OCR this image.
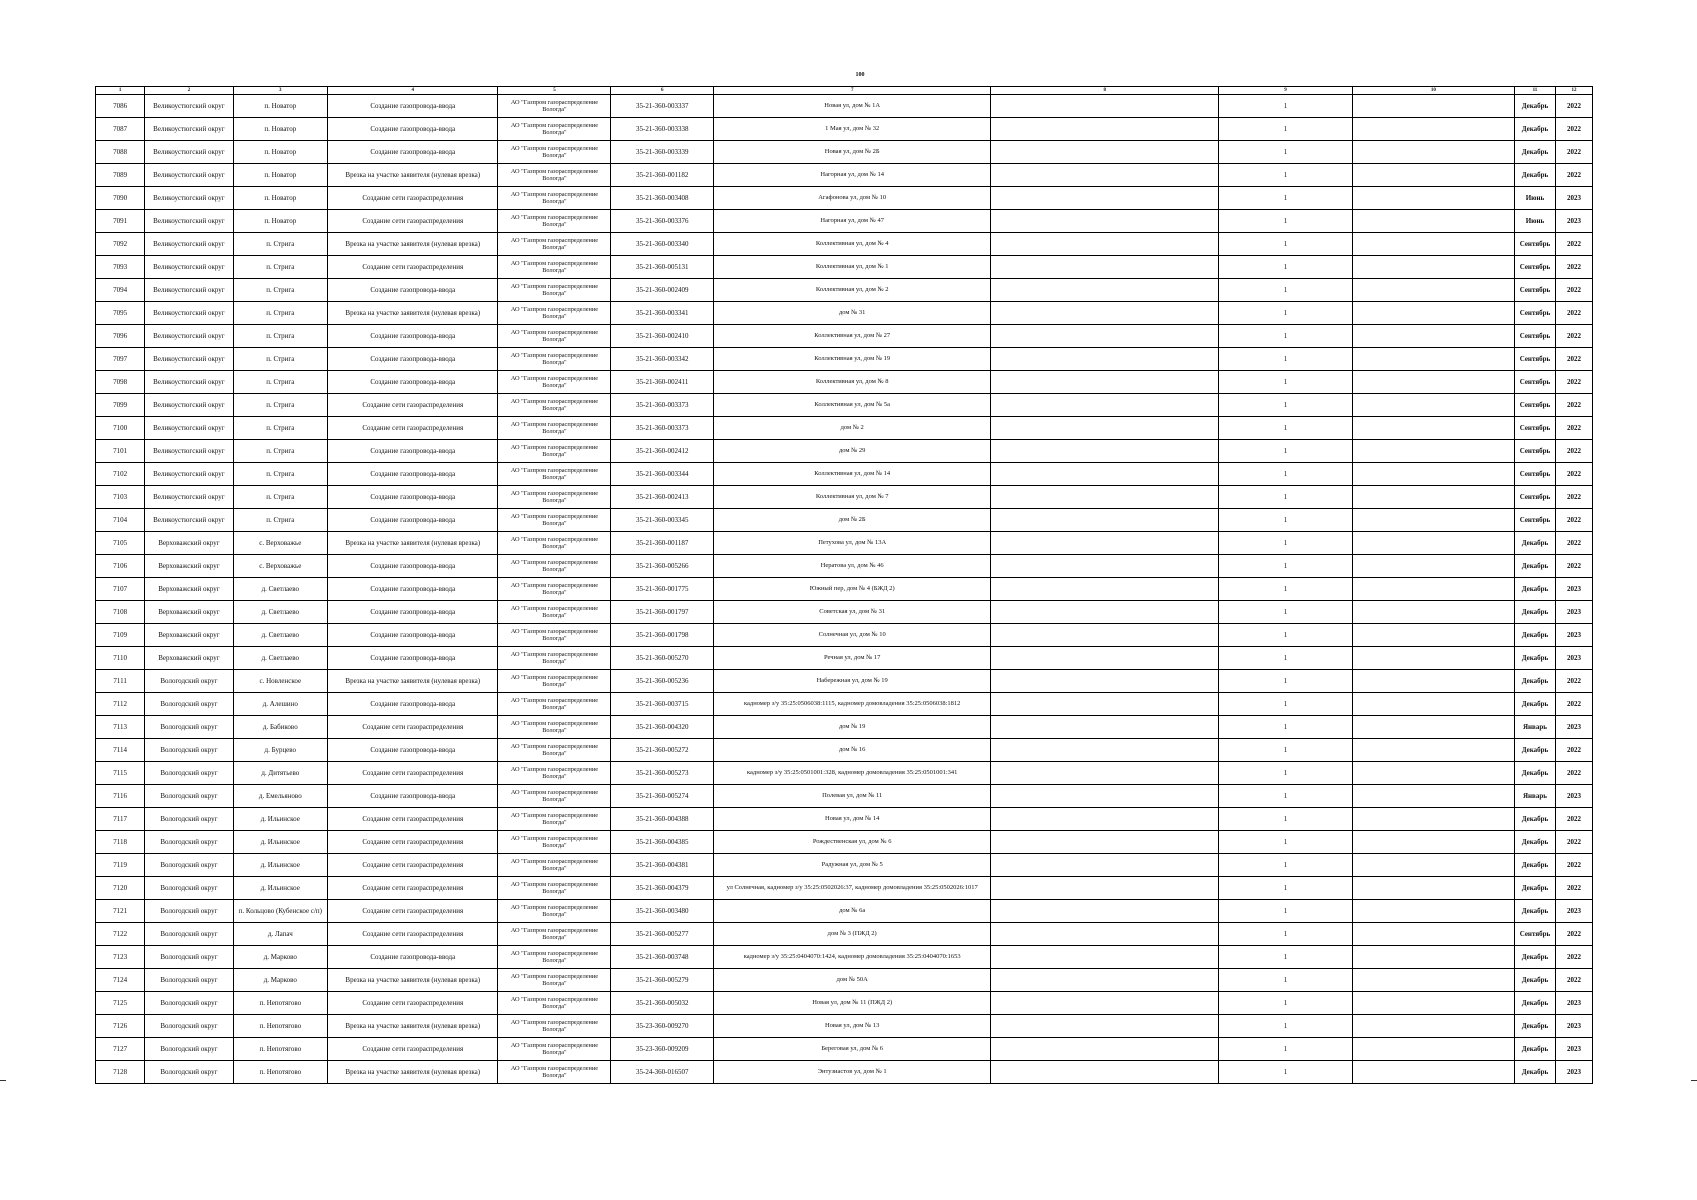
100
1	2	3	4	5	6	7	8	9	10	11	12
7086	Великоустюгский округ	п. Новатор	Создание газопровода-ввода	АО "Газпром газораспределение Вологда"	35-21-360-003337	Новая ул, дом № 1А		1		Декабрь	2022
7087	Великоустюгский округ	п. Новатор	Создание газопровода-ввода	АО "Газпром газораспределение Вологда"	35-21-360-003338	1 Мая ул, дом № 32		1		Декабрь	2022
7088	Великоустюгский округ	п. Новатор	Создание газопровода-ввода	АО "Газпром газораспределение Вологда"	35-21-360-003339	Новая ул, дом № 2Б		1		Декабрь	2022
7089	Великоустюгский округ	п. Новатор	Врезка на участке заявителя (нулевая врезка)	АО "Газпром газораспределение Вологда"	35-21-360-001182	Нагорная ул, дом № 14		1		Декабрь	2022
7090	Великоустюгский округ	п. Новатор	Создание сети газораспределения	АО "Газпром газораспределение Вологда"	35-21-360-003408	Агафонова ул, дом № 10		1		Июнь	2023
7091	Великоустюгский округ	п. Новатор	Создание сети газораспределения	АО "Газпром газораспределение Вологда"	35-21-360-003376	Нагорная ул, дом № 47		1		Июнь	2023
7092	Великоустюгский округ	п. Стрига	Врезка на участке заявителя (нулевая врезка)	АО "Газпром газораспределение Вологда"	35-21-360-003340	Коллективная ул, дом № 4		1		Сентябрь	2022
7093	Великоустюгский округ	п. Стрига	Создание сети газораспределения	АО "Газпром газораспределение Вологда"	35-21-360-005131	Коллективная ул, дом № 1		1		Сентябрь	2022
7094	Великоустюгский округ	п. Стрига	Создание газопровода-ввода	АО "Газпром газораспределение Вологда"	35-21-360-002409	Коллективная ул, дом № 2		1		Сентябрь	2022
7095	Великоустюгский округ	п. Стрига	Врезка на участке заявителя (нулевая врезка)	АО "Газпром газораспределение Вологда"	35-21-360-003341	дом № 31		1		Сентябрь	2022
7096	Великоустюгский округ	п. Стрига	Создание газопровода-ввода	АО "Газпром газораспределение Вологда"	35-21-360-002410	Коллективная ул, дом № 27		1		Сентябрь	2022
7097	Великоустюгский округ	п. Стрига	Создание газопровода-ввода	АО "Газпром газораспределение Вологда"	35-21-360-003342	Коллективная ул, дом № 19		1		Сентябрь	2022
7098	Великоустюгский округ	п. Стрига	Создание газопровода-ввода	АО "Газпром газораспределение Вологда"	35-21-360-002411	Коллективная ул, дом № 8		1		Сентябрь	2022
7099	Великоустюгский округ	п. Стрига	Создание сети газораспределения	АО "Газпром газораспределение Вологда"	35-21-360-003373	Коллективная ул, дом № 5а		1		Сентябрь	2022
7100	Великоустюгский округ	п. Стрига	Создание сети газораспределения	АО "Газпром газораспределение Вологда"	35-21-360-003373	дом № 2		1		Сентябрь	2022
7101	Великоустюгский округ	п. Стрига	Создание газопровода-ввода	АО "Газпром газораспределение Вологда"	35-21-360-002412	дом № 29		1		Сентябрь	2022
7102	Великоустюгский округ	п. Стрига	Создание газопровода-ввода	АО "Газпром газораспределение Вологда"	35-21-360-003344	Коллективная ул, дом № 14		1		Сентябрь	2022
7103	Великоустюгский округ	п. Стрига	Создание газопровода-ввода	АО "Газпром газораспределение Вологда"	35-21-360-002413	Коллективная ул, дом № 7		1		Сентябрь	2022
7104	Великоустюгский округ	п. Стрига	Создание газопровода-ввода	АО "Газпром газораспределение Вологда"	35-21-360-003345	дом № 2Б		1		Сентябрь	2022
7105	Верховажский округ	с. Верховажье	Врезка на участке заявителя (нулевая врезка)	АО "Газпром газораспределение Вологда"	35-21-360-001187	Петухова ул, дом № 13А		1		Декабрь	2022
7106	Верховажский округ	с. Верховажье	Создание газопровода-ввода	АО "Газпром газораспределение Вологда"	35-21-360-005266	Нератова ул, дом № 46		1		Декабрь	2022
7107	Верховажский округ	д. Светлаево	Создание газопровода-ввода	АО "Газпром газораспределение Вологда"	35-21-360-001775	Южный пер, дом № 4 (БЖД 2)		1		Декабрь	2023
7108	Верховажский округ	д. Светлаево	Создание газопровода-ввода	АО "Газпром газораспределение Вологда"	35-21-360-001797	Советская ул, дом № 31		1		Декабрь	2023
7109	Верховажский округ	д. Светлаево	Создание газопровода-ввода	АО "Газпром газораспределение Вологда"	35-21-360-001798	Солнечная ул, дом № 10		1		Декабрь	2023
7110	Верховажский округ	д. Светлаево	Создание газопровода-ввода	АО "Газпром газораспределение Вологда"	35-21-360-005270	Речная ул, дом № 17		1		Декабрь	2023
7111	Вологодский округ	с. Новленское	Врезка на участке заявителя (нулевая врезка)	АО "Газпром газораспределение Вологда"	35-21-360-005236	Набережная ул, дом № 19		1		Декабрь	2022
7112	Вологодский округ	д. Алешино	Создание газопровода-ввода	АО "Газпром газораспределение Вологда"	35-21-360-003715	кадномер з/у 35:25:0506038:1115, кадномер домовладения 35:25:0506038:1812		1		Декабрь	2022
7113	Вологодский округ	д. Бабиково	Создание сети газораспределения	АО "Газпром газораспределение Вологда"	35-21-360-004320	дом № 19		1		Январь	2023
7114	Вологодский округ	д. Бурцево	Создание газопровода-ввода	АО "Газпром газораспределение Вологда"	35-21-360-005272	дом № 16		1		Декабрь	2022
7115	Вологодский округ	д. Дитятьево	Создание сети газораспределения	АО "Газпром газораспределение Вологда"	35-21-360-005273	кадномер з/у 35:25:0501001:328, кадномер домовладения 35:25:0501001:341		1		Декабрь	2022
7116	Вологодский округ	д. Емельяново	Создание газопровода-ввода	АО "Газпром газораспределение Вологда"	35-21-360-005274	Полевая ул, дом № 11		1		Январь	2023
7117	Вологодский округ	д. Ильинское	Создание сети газораспределения	АО "Газпром газораспределение Вологда"	35-21-360-004388	Новая ул, дом № 14		1		Декабрь	2022
7118	Вологодский округ	д. Ильинское	Создание сети газораспределения	АО "Газпром газораспределение Вологда"	35-21-360-004385	Рождественская ул, дом № 6		1		Декабрь	2022
7119	Вологодский округ	д. Ильинское	Создание сети газораспределения	АО "Газпром газораспределение Вологда"	35-21-360-004381	Радужная ул, дом № 5		1		Декабрь	2022
7120	Вологодский округ	д. Ильинское	Создание сети газораспределения	АО "Газпром газораспределение Вологда"	35-21-360-004379	ул Солнечная, кадномер з/у 35:25:0502026:37, кадномер домовладения 35:25:0502026:1017		1		Декабрь	2022
7121	Вологодский округ	п. Кольцово (Кубенское с/п)	Создание сети газораспределения	АО "Газпром газораспределение Вологда"	35-21-360-003480	дом № 6а		1		Декабрь	2023
7122	Вологодский округ	д. Лапач	Создание сети газораспределения	АО "Газпром газораспределение Вологда"	35-21-360-005277	дом № 3 (ПЖД 2)		1		Сентябрь	2022
7123	Вологодский округ	д. Марково	Создание газопровода-ввода	АО "Газпром газораспределение Вологда"	35-21-360-003748	кадномер з/у 35:25:0404070:1424, кадномер домовладения 35:25:0404070:1653		1		Декабрь	2022
7124	Вологодский округ	д. Марково	Врезка на участке заявителя (нулевая врезка)	АО "Газпром газораспределение Вологда"	35-21-360-005279	дом № 50А		1		Декабрь	2022
7125	Вологодский округ	п. Непотягово	Создание сети газораспределения	АО "Газпром газораспределение Вологда"	35-21-360-005032	Новая ул, дом № 11 (ПЖД 2)		1		Декабрь	2023
7126	Вологодский округ	п. Непотягово	Врезка на участке заявителя (нулевая врезка)	АО "Газпром газораспределение Вологда"	35-23-360-009270	Новая ул, дом № 13		1		Декабрь	2023
7127	Вологодский округ	п. Непотягово	Создание сети газораспределения	АО "Газпром газораспределение Вологда"	35-23-360-009209	Береговая ул, дом № 6		1		Декабрь	2023
7128	Вологодский округ	п. Непотягово	Врезка на участке заявителя (нулевая врезка)	АО "Газпром газораспределение Вологда"	35-24-360-016507	Энтузиастов ул, дом № 1		1		Декабрь	2023
